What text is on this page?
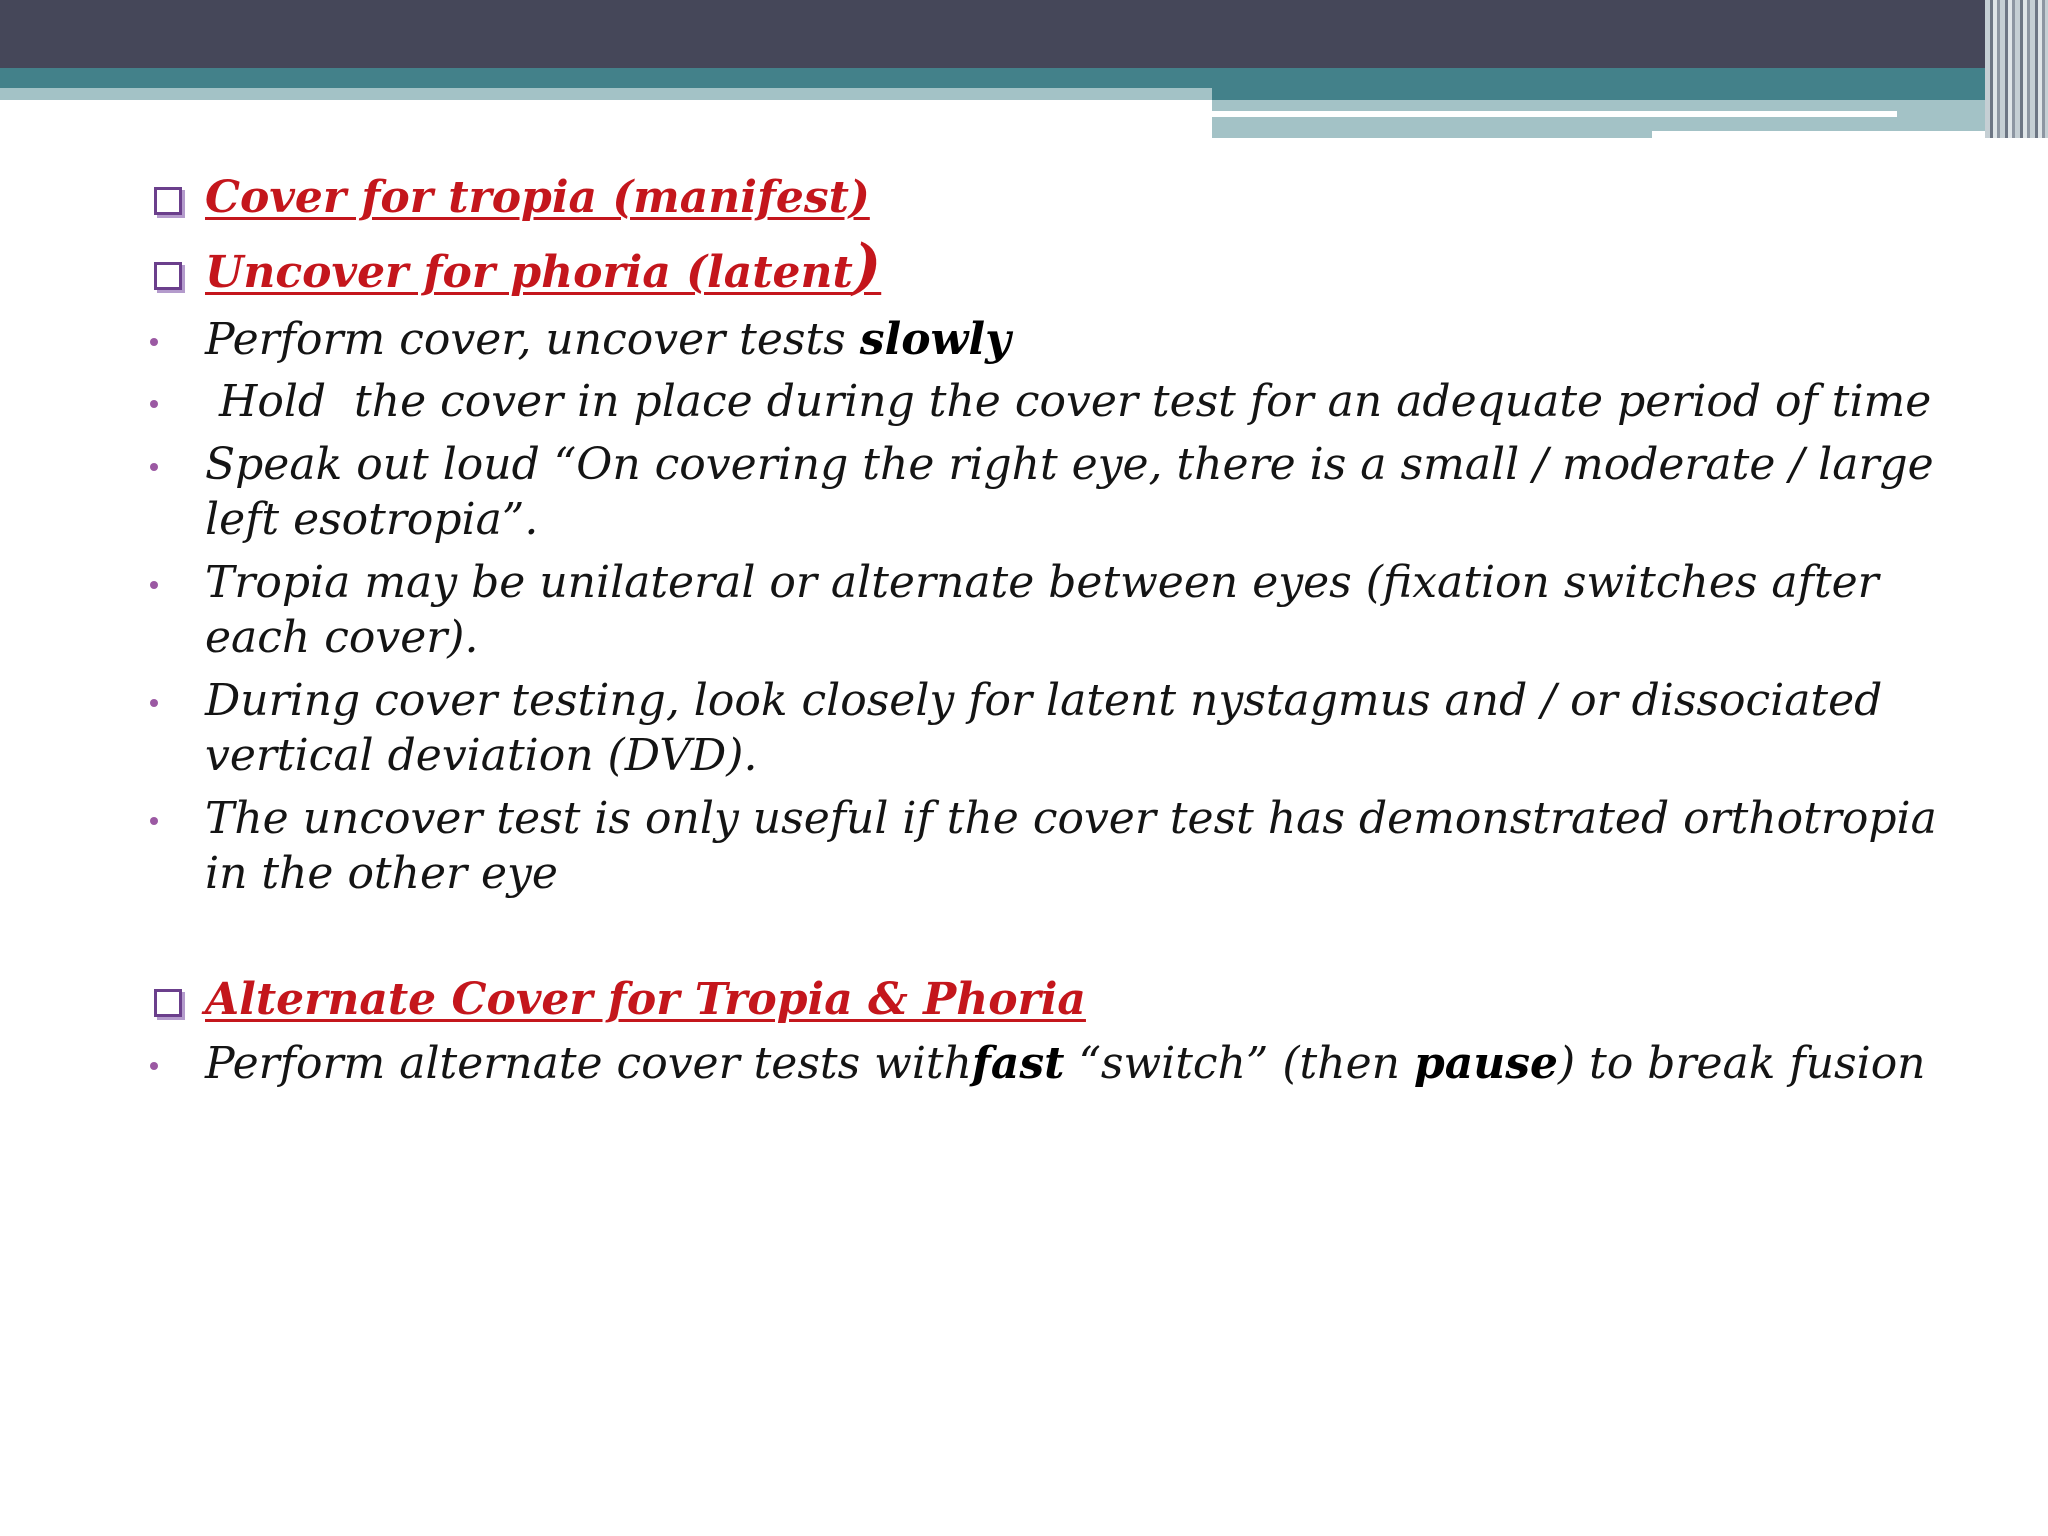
Cover for tropia (manifest)
Uncover for phoria (latent)
Perform cover, uncover tests slowly
Hold  the cover in place during the cover test for an adequate period of time
Speak out loud “On covering the right eye, there is a small / moderate / large left esotropia”.
Tropia may be unilateral or alternate between eyes (fixation switches after each cover).
During cover testing, look closely for latent nystagmus and / or dissociated vertical deviation (DVD).
The uncover test is only useful if the cover test has demonstrated orthotropia in the other eye
Alternate Cover for Tropia & Phoria
Perform alternate cover tests withfast “switch” (then pause) to break fusion
